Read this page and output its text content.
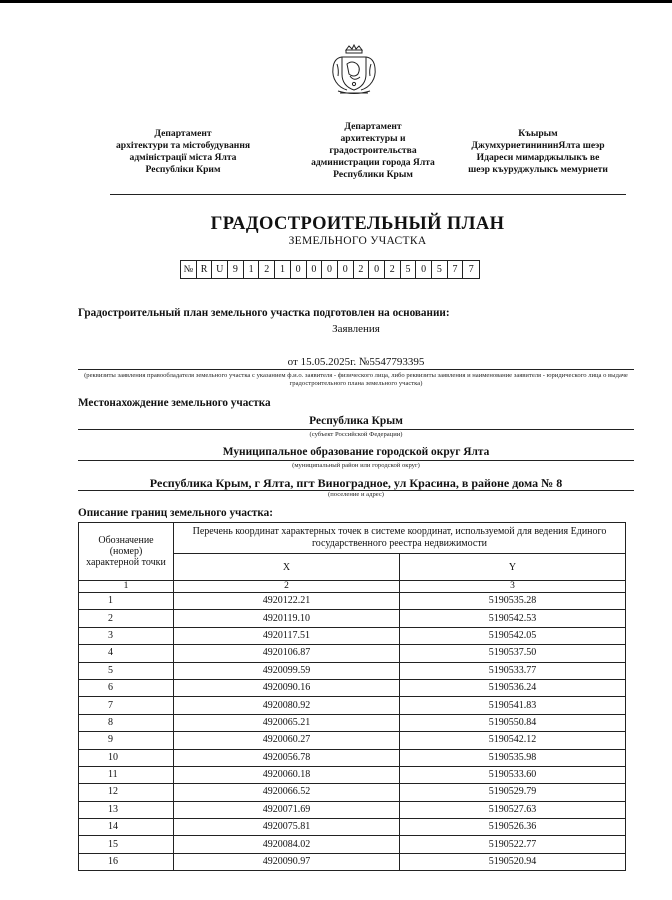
Департамент
архітектури та містобудування
адміністрації міста Ялта
Республіки Крим
Департамент
архитектуры и
градостроительства
администрации города Ялта
Республики Крым
Къырым
ДжумхуриетинининЯлта шеэр
Идареси мимарджылыкъ ве
шеэр къуруджулыкъ мемуриети
ГРАДОСТРОИТЕЛЬНЫЙ ПЛАН
ЗЕМЕЛЬНОГО УЧАСТКА
№ R U 9	1	2	1	0	0	0	0	2	0	2	5	0	5	7	7
Градостроительный план земельного участка подготовлен на основании:
Заявления
от 15.05.2025г. №5547793395
(реквизиты заявления правообладателя земельного участка с указанием ф.и.о. заявителя - физического лица, либо реквизиты заявления и наименование заявителя - юридического лица о выдаче градостроительного плана земельного участка)
Местонахождение земельного участка
Республика Крым
(субъект Российской Федерации)
Муниципальное образование городской округ Ялта
(муниципальный район или городской округ)
Республика Крым, г Ялта, пгт Виноградное, ул Красина, в районе дома № 8
(поселение и адрес)
Описание границ земельного участка:
Обозначение (номер) характерной точки	Перечень координат характерных точек в системе координат, используемой для ведения Единого государственного реестра недвижимости	
	X	Y
1	2	3
1	4920122.21	5190535.28
2	4920119.10	5190542.53
3	4920117.51	5190542.05
4	4920106.87	5190537.50
5	4920099.59	5190533.77
6	4920090.16	5190536.24
7	4920080.92	5190541.83
8	4920065.21	5190550.84
9	4920060.27	5190542.12
10	4920056.78	5190535.98
11	4920060.18	5190533.60
12	4920066.52	5190529.79
13	4920071.69	5190527.63
14	4920075.81	5190526.36
15	4920084.02	5190522.77
16	4920090.97	5190520.94
